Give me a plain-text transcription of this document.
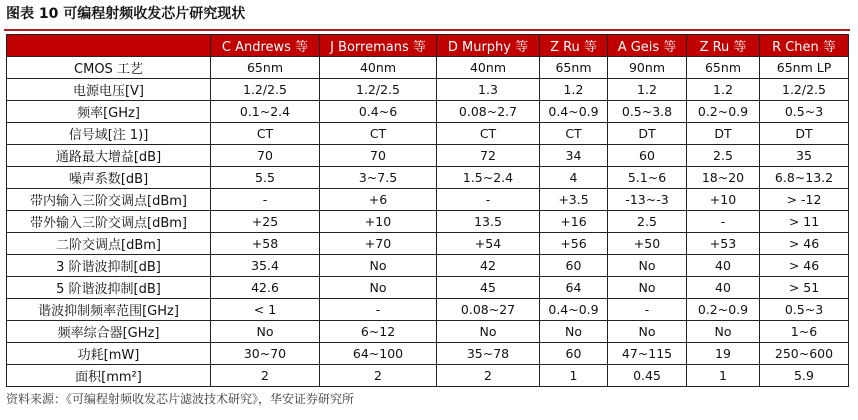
图表 10 可编程射频收发芯片研究现状
	C Andrews 等	J Borremans 等	D Murphy 等	Z Ru 等	A Geis 等	Z Ru 等	R Chen 等
CMOS 工艺	65nm	40nm	40nm	65nm	90nm	65nm	65nm LP
电源电压[V]	1.2/2.5	1.2/2.5	1.3	1.2	1.2	1.2	1.2/2.5
频率[GHz]	0.1~2.4	0.4~6	0.08~2.7	0.4~0.9	0.5~3.8	0.2~0.9	0.5~3
信号域[注 1)]	CT	CT	CT	CT	DT	DT	DT
通路最大增益[dB]	70	70	72	34	60	2.5	35
噪声系数[dB]	5.5	3~7.5	1.5~2.4	4	5.1~6	18~20	6.8~13.2
带内输入三阶交调点[dBm]	-	+6	-	+3.5	-13~-3	+10	> -12
带外输入三阶交调点[dBm]	+25	+10	13.5	+16	2.5	-	> 11
二阶交调点[dBm]	+58	+70	+54	+56	+50	+53	> 46
3 阶谐波抑制[dB]	35.4	No	42	60	No	40	> 46
5 阶谐波抑制[dB]	42.6	No	45	64	No	40	> 51
谐波抑制频率范围[GHz]	< 1	-	0.08~27	0.4~0.9	-	0.2~0.9	0.5~3
频率综合器[GHz]	No	6~12	No	No	No	No	1~6
功耗[mW]	30~70	64~100	35~78	60	47~115	19	250~600
面积[mm²]	2	2	2	1	0.45	1	5.9
资料来源：《可编程射频收发芯片滤波技术研究》，华安证券研究所
